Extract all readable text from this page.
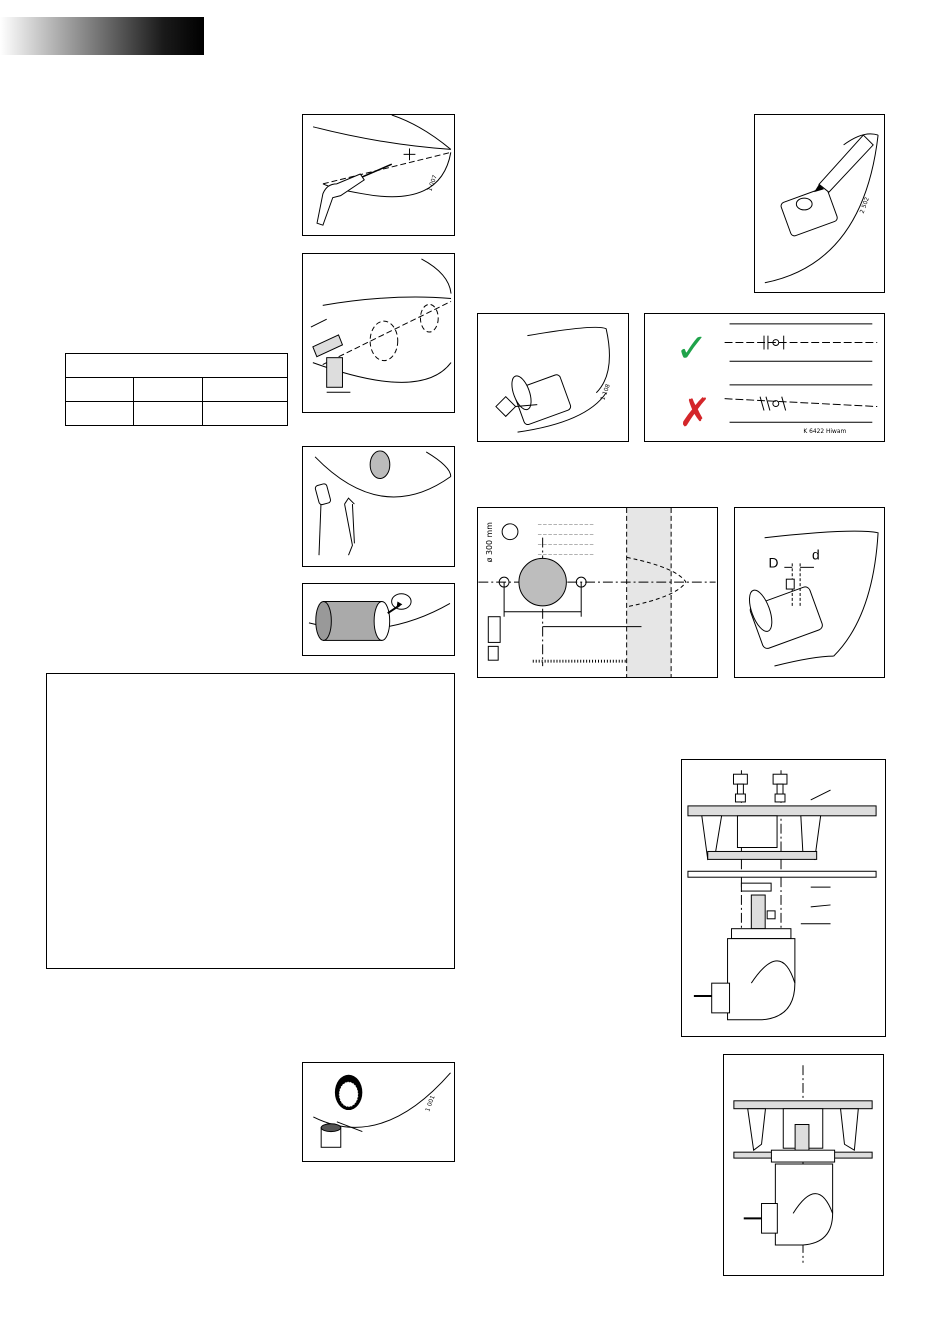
1 007

1 001
2 502
1 108
✓
✗	K 6422 Hiwam
— — — — — — — — — — —
— — — — — — — — — — —
— — — — — — — — — — —
— — — — — — — — — — —
ø 300 mm	D d
